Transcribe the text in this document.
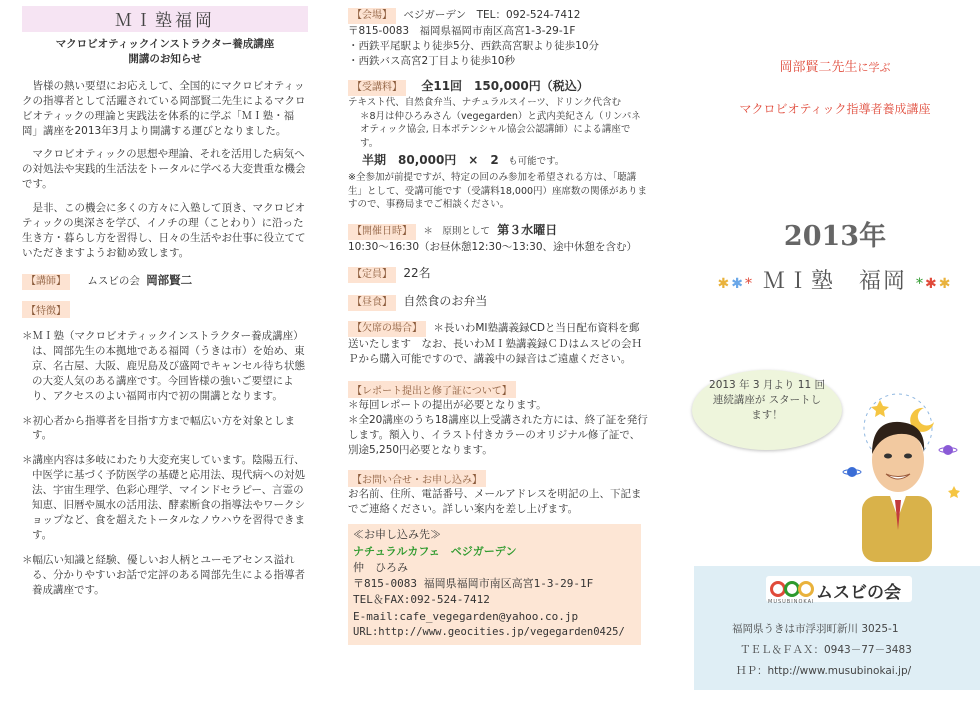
ＭＩ塾福岡
マクロビオティックインストラクター養成講座
開講のお知らせ

皆様の熱い要望にお応えして、全国的にマクロビオティックの指導者として活躍されている岡部賢二先生によるマクロビオティックの理論と実践法を体系的に学ぶ「ＭＩ塾・福岡」講座を2013年3月より開講する運びとなりました。

マクロビオティックの思想や理論、それを活用した病気への対処法や実践的生活法をトータルに学べる大変貴重な機会です。

是非、この機会に多くの方々に入塾して頂き、マクロビオティックの奥深さを学び、イノチの理（ことわり）に沿った生き方・暮らし方を習得し、日々の生活やお仕事に役立てていただきますようお勧め致します。

【講師】 ムスビの会 岡部賢二
【特徴】

＊ＭＩ塾（マクロビオティックインストラクター養成講座）は、岡部先生の本拠地である福岡（うきは市）を始め、東京、名古屋、大阪、鹿児島及び盛岡でキャンセル待ち状態の大変人気のある講座です。今回皆様の強いご要望により、アクセスのよい福岡市内で初の開講となります。

＊初心者から指導者を目指す方まで幅広い方を対象とします。

＊講座内容は多岐にわたり大変充実しています。陰陽五行、中医学に基づく予防医学の基礎と応用法、現代病への対処法、宇宙生理学、色彩心理学、マインドセラピー、言霊の知恵、旧暦や風水の活用法、酵素断食の指導法やワークショップなど、食を超えたトータルなノウハウを習得できます。

＊幅広い知識と経験、優しいお人柄とユーモアセンス溢れる、分かりやすいお話で定評のある岡部先生による指導者養成講座です。

【会場】 ベジガーデン　TEL：092-524-7412
〒815-0083　福岡県福岡市南区高宮1-3-29-1F
・西鉄平尾駅より徒歩5分、西鉄高宮駅より徒歩10分
・西鉄バス高宮2丁目より徒歩10秒
【受講料】 全11回　150,000円（税込）
テキスト代、自然食弁当、ナチュラルスイーツ、ドリンク代含む
＊8月は仲ひろみさん（vegegarden）と武内美紀さん（リンパネオティック協会, 日本ポテンシャル協会公認講師）による講座です。
半期　80,000円　×　2 も可能です。
※全参加が前提ですが、特定の回のみ参加を希望される方は、「聴講生」として、受講可能です（受講料18,000円）座席数の関係がありますので、事務局までご相談ください。
【開催日時】 ＊　原則として 第３水曜日
10:30〜16:30（お昼休憩12:30〜13:30、途中休憩を含む）
【定員】 22名
【昼食】 自然食のお弁当
【欠席の場合】 ＊長いわMI塾講義録CDと当日配布資料を郵送いたします　なお、長いわＭＩ塾講義録ＣＤはムスビの会ＨＰから購入可能ですので、講義中の録音はご遠慮ください。
【レポート提出と修了証について】
＊毎回レポートの提出が必要となります。
＊全20講座のうち18講座以上受講された方には、終了証を発行します。額入り、イラスト付きカラーのオリジナル修了証で、別途5,250円必要となります。
【お問い合せ・お申し込み】
お名前、住所、電話番号、メールアドレスを明記の上、下記までご連絡ください。詳しい案内を差し上げます。
≪お申し込み先≫
ナチュラルカフェ　ベジガーデン
仲　ひろみ
〒815-0083 福岡県福岡市南区高宮1-3-29-1F
TEL＆FAX:092-524-7412
E-mail:cafe_vegegarden@yahoo.co.jp
URL:http://www.geocities.jp/vegegarden0425/
岡部賢二先生に学ぶ
マクロビオティック指導者養成講座
2013年
✱✱* ＭＩ塾　福岡 *✱✱
2013 年 3 月より 11 回連続講座が スタートします！
ムスビの会
MUSUBINOKAI
福岡県うきは市浮羽町新川 3025-1
ＴＥＬ＆ＦＡＸ：0943－77－3483
ＨＰ：http://www.musubinokai.jp/
